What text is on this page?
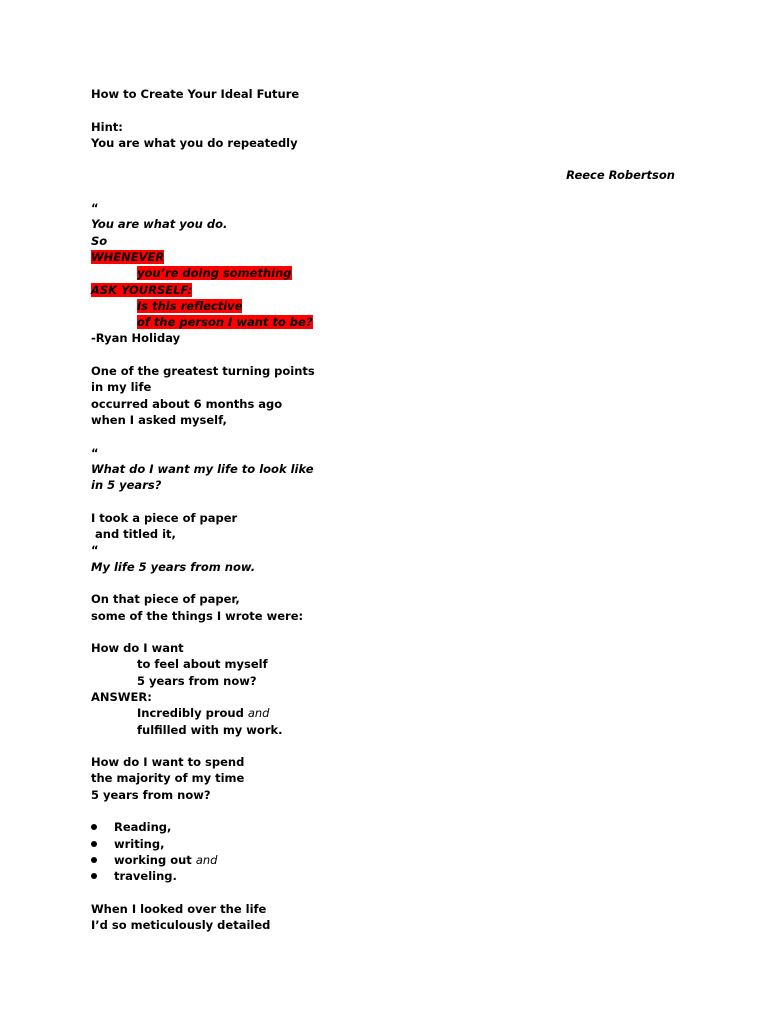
How to Create Your Ideal Future
Hint:
You are what you do repeatedly
Reece Robertson
“
You are what you do.
So
WHENEVER
you’re doing something
ASK YOURSELF:
Is this reflective
of the person I want to be?
-Ryan Holiday
One of the greatest turning points
in my life
occurred about 6 months ago
when I asked myself,
“
What do I want my life to look like
in 5 years?
I took a piece of paper
and titled it,
“
My life 5 years from now.
On that piece of paper,
some of the things I wrote were:
How do I want
to feel about myself
5 years from now?
ANSWER:
Incredibly proud and
fulfilled with my work.
How do I want to spend
the majority of my time
5 years from now?
Reading,
writing,
working out and
traveling.
When I looked over the life
I’d so meticulously detailed
